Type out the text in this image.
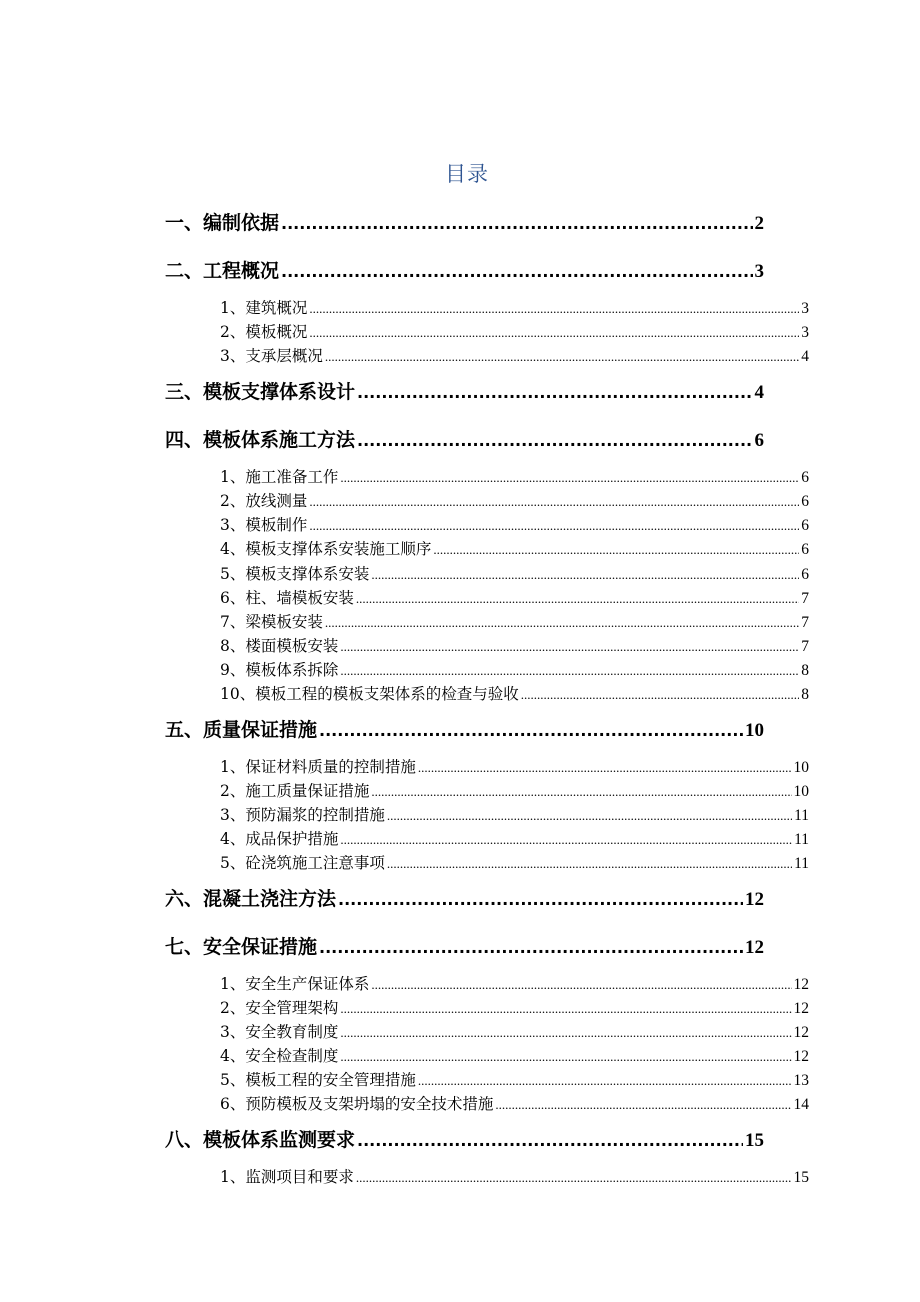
目录
一、编制依据 .....	2
二、工程概况 .....	3
1、建筑概况 .....	3
2、模板概况 .....	3
3、支承层概况 .....	4
三、模板支撑体系设计 .....	4
四、模板体系施工方法 .....	6
1、施工准备工作 .....	6
2、放线测量 .....	6
3、模板制作 .....	6
4、模板支撑体系安装施工顺序 .....	6
5、模板支撑体系安装 .....	6
6、柱、墙模板安装 .....	7
7、梁模板安装 .....	7
8、楼面模板安装 .....	7
9、模板体系拆除 .....	8
10、模板工程的模板支架体系的检查与验收 .....	8
五、质量保证措施 .....	10
1、保证材料质量的控制措施 .....	10
2、施工质量保证措施 .....	10
3、预防漏浆的控制措施 .....	11
4、成品保护措施 .....	11
5、砼浇筑施工注意事项 .....	11
六、混凝土浇注方法 .....	12
七、安全保证措施 .....	12
1、安全生产保证体系 .....	12
2、安全管理架构 .....	12
3、安全教育制度 .....	12
4、安全检查制度 .....	12
5、模板工程的安全管理措施 .....	13
6、预防模板及支架坍塌的安全技术措施 .....	14
八、模板体系监测要求 .....	15
1、监测项目和要求 .....	15
